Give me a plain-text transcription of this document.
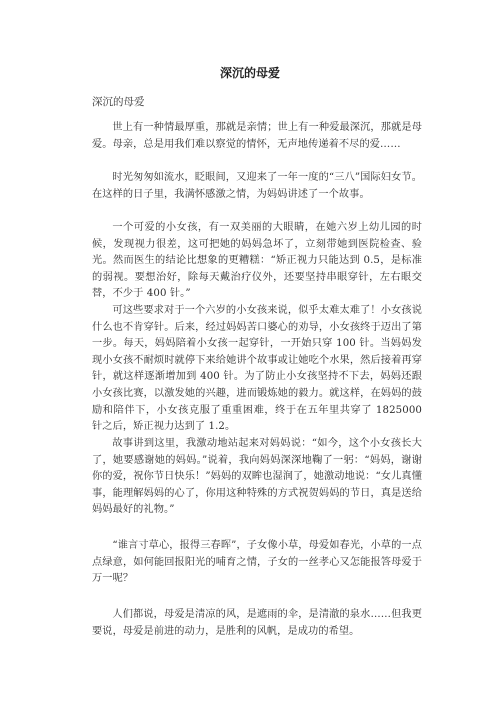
深沉的母爱
深沉的母爱

世上有一种情最厚重，那就是亲情；世上有一种爱最深沉，那就是母爱。母亲，总是用我们难以察觉的情怀，无声地传递着不尽的爱……

时光匆匆如流水，眨眼间，又迎来了一年一度的“三八”国际妇女节。在这样的日子里，我满怀感激之情，为妈妈讲述了一个故事。

一个可爱的小女孩，有一双美丽的大眼睛，在她六岁上幼儿园的时候，发现视力很差，这可把她的妈妈急坏了，立刻带她到医院检查、验光。然而医生的结论比想象的更糟糕：“矫正视力只能达到 0.5，是标准的弱视。要想治好，除每天戴治疗仪外，还要坚持串眼穿针，左右眼交替，不少于 400 针。”

可这些要求对于一个六岁的小女孩来说，似乎太难太难了！小女孩说什么也不肯穿针。后来，经过妈妈苦口婆心的劝导，小女孩终于迈出了第一步。每天，妈妈陪着小女孩一起穿针，一开始只穿 100 针。当妈妈发现小女孩不耐烦时就停下来给她讲个故事或让她吃个水果，然后接着再穿针，就这样逐渐增加到 400 针。为了防止小女孩坚持不下去，妈妈还跟小女孩比赛，以激发她的兴趣，进而锻炼她的毅力。就这样，在妈妈的鼓励和陪伴下，小女孩克服了重重困难，终于在五年里共穿了 1825000 针之后，矫正视力达到了 1.2。

故事讲到这里，我激动地站起来对妈妈说：“如今，这个小女孩长大了，她要感谢她的妈妈。”说着，我向妈妈深深地鞠了一躬：“妈妈，谢谢你的爱，祝你节日快乐！”妈妈的双眸也湿润了，她激动地说：“女儿真懂事，能理解妈妈的心了，你用这种特殊的方式祝贺妈妈的节日，真是送给妈妈最好的礼物。”

“谁言寸草心，报得三春晖”，子女像小草，母爱如春光，小草的一点点绿意，如何能回报阳光的哺育之情，子女的一丝孝心又怎能报答母爱于万一呢？

人们都说，母爱是清凉的风，是遮雨的伞，是清澈的泉水……但我更要说，母爱是前进的动力，是胜利的风帆，是成功的希望。
